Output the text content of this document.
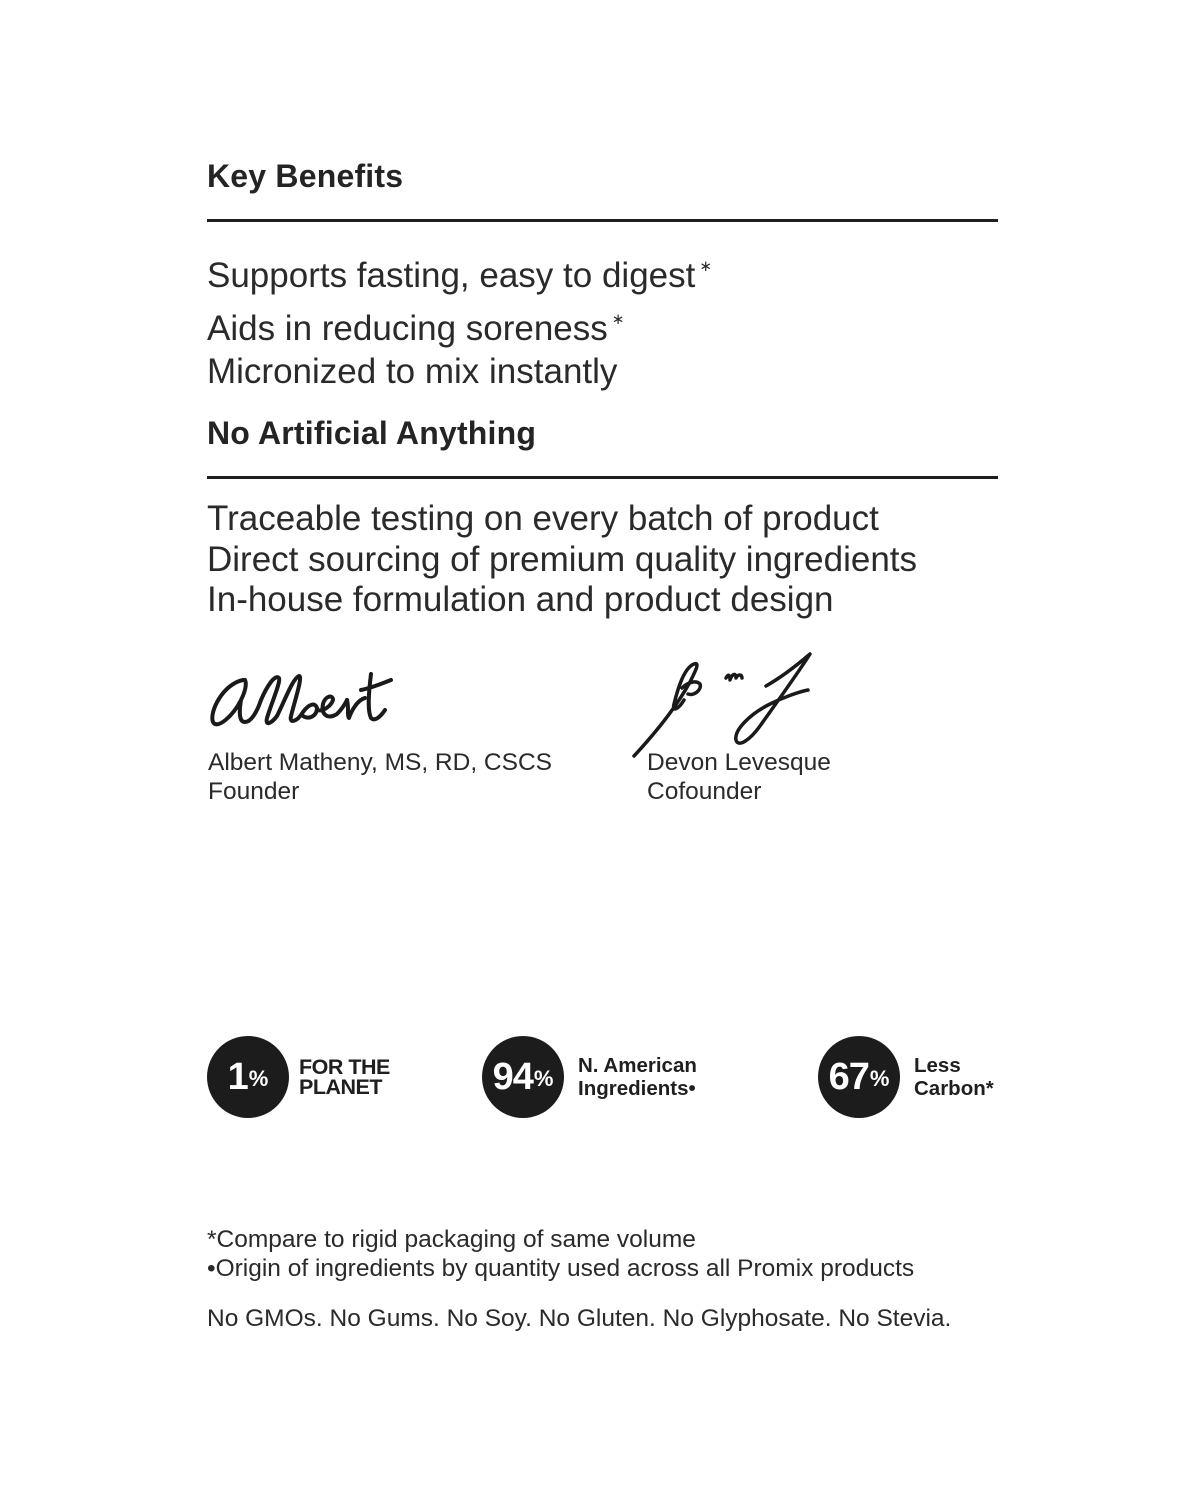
Key Benefits
Supports fasting, easy to digest ∗
Aids in reducing soreness ∗
Micronized to mix instantly
No Artificial Anything
Traceable testing on every batch of product
Direct sourcing of premium quality ingredients
In-house formulation and product design
Albert Matheny, MS, RD, CSCS
Founder
Devon Levesque
Cofounder
1 % FOR THE
PLANET	94 %
N. American
Ingredients•	67 %
Less
Carbon*
*Compare to rigid packaging of same volume
•Origin of ingredients by quantity used across all Promix products
No GMOs. No Gums. No Soy. No Gluten. No Glyphosate. No Stevia.
